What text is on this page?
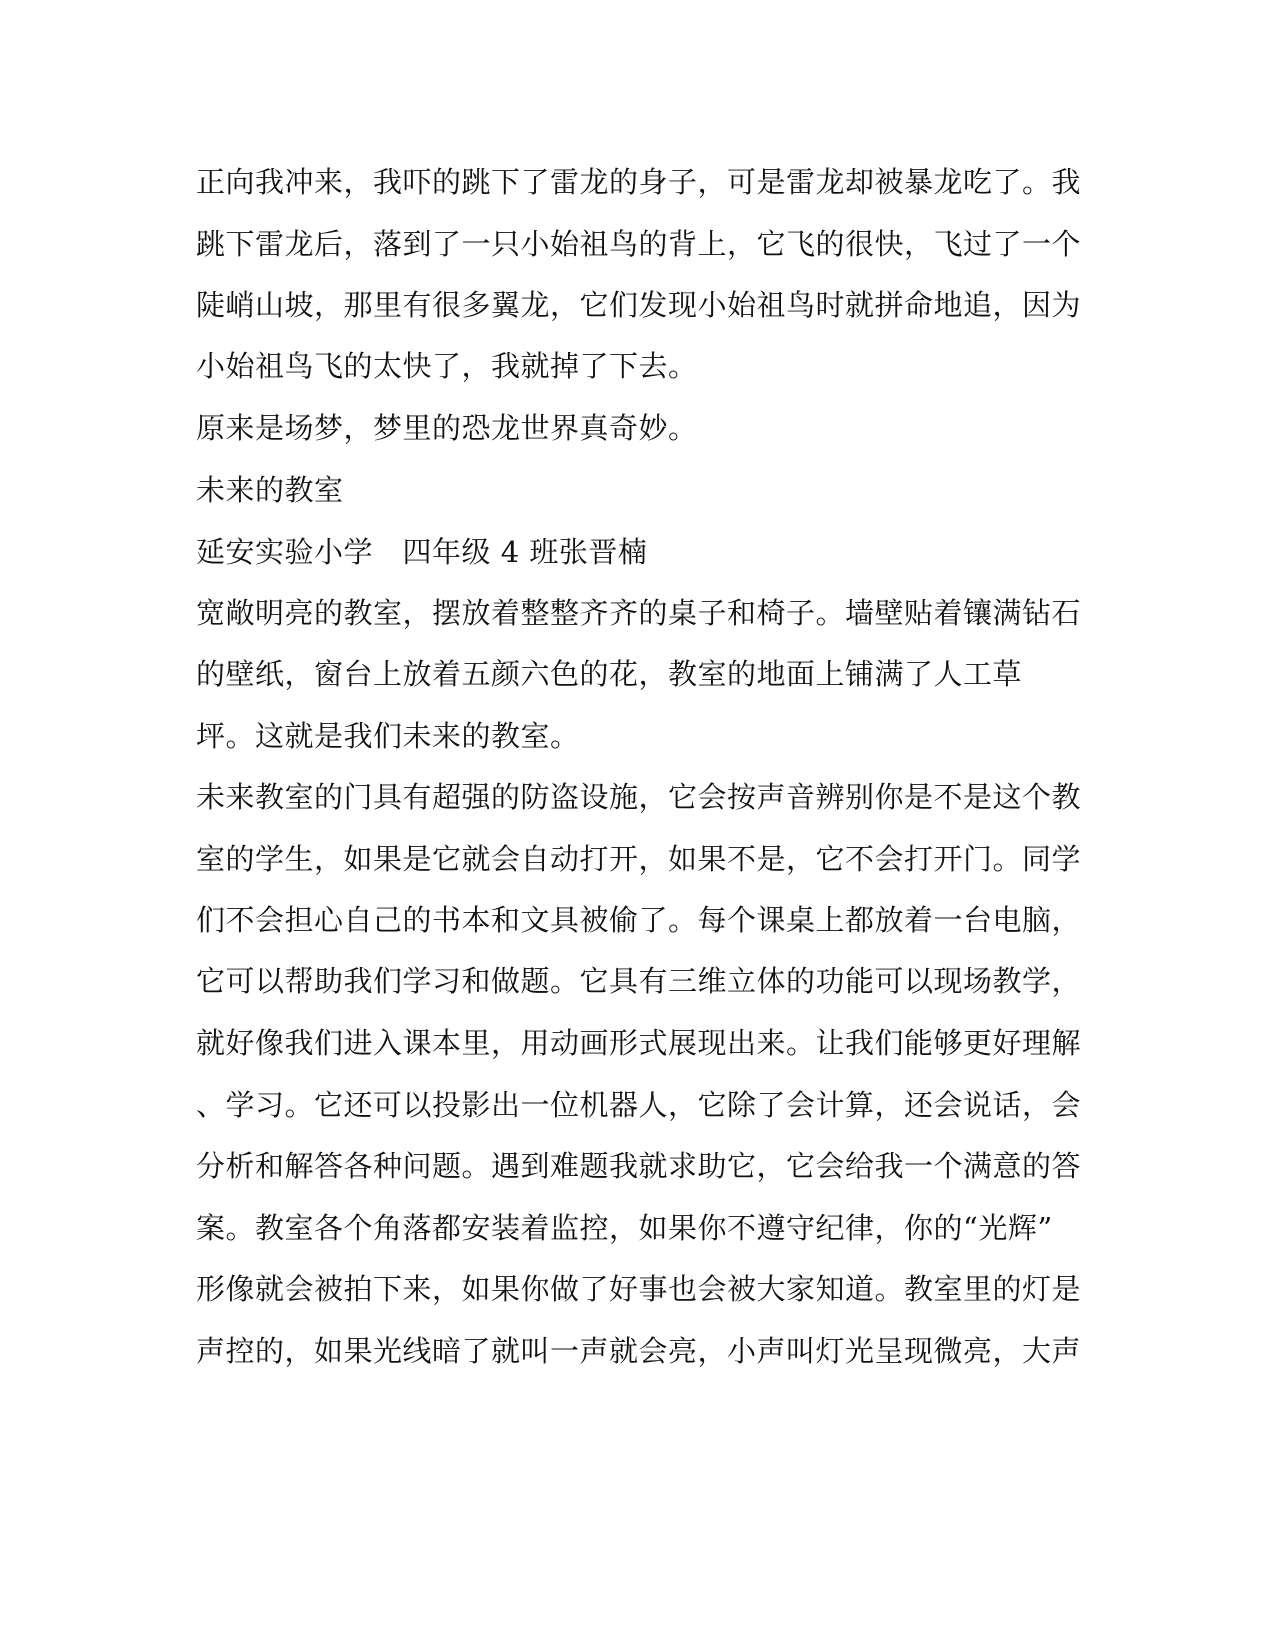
正向我冲来，我吓的跳下了雷龙的身子，可是雷龙却被暴龙吃了。我
跳下雷龙后，落到了一只小始祖鸟的背上，它飞的很快，飞过了一个
陡峭山坡，那里有很多翼龙，它们发现小始祖鸟时就拼命地追，因为
小始祖鸟飞的太快了，我就掉了下去。
原来是场梦，梦里的恐龙世界真奇妙。
未来的教室
延安实验小学　四年级 4 班张晋楠
宽敞明亮的教室，摆放着整整齐齐的桌子和椅子。墙壁贴着镶满钻石
的壁纸，窗台上放着五颜六色的花，教室的地面上铺满了人工草
坪。这就是我们未来的教室。
未来教室的门具有超强的防盗设施，它会按声音辨别你是不是这个教
室的学生，如果是它就会自动打开，如果不是，它不会打开门。同学
们不会担心自己的书本和文具被偷了。每个课桌上都放着一台电脑，
它可以帮助我们学习和做题。它具有三维立体的功能可以现场教学，
就好像我们进入课本里，用动画形式展现出来。让我们能够更好理解
、学习。它还可以投影出一位机器人，它除了会计算，还会说话，会
分析和解答各种问题。遇到难题我就求助它，它会给我一个满意的答
案。教室各个角落都安装着监控，如果你不遵守纪律，你的“光辉”
形像就会被拍下来，如果你做了好事也会被大家知道。教室里的灯是
声控的，如果光线暗了就叫一声就会亮，小声叫灯光呈现微亮，大声
